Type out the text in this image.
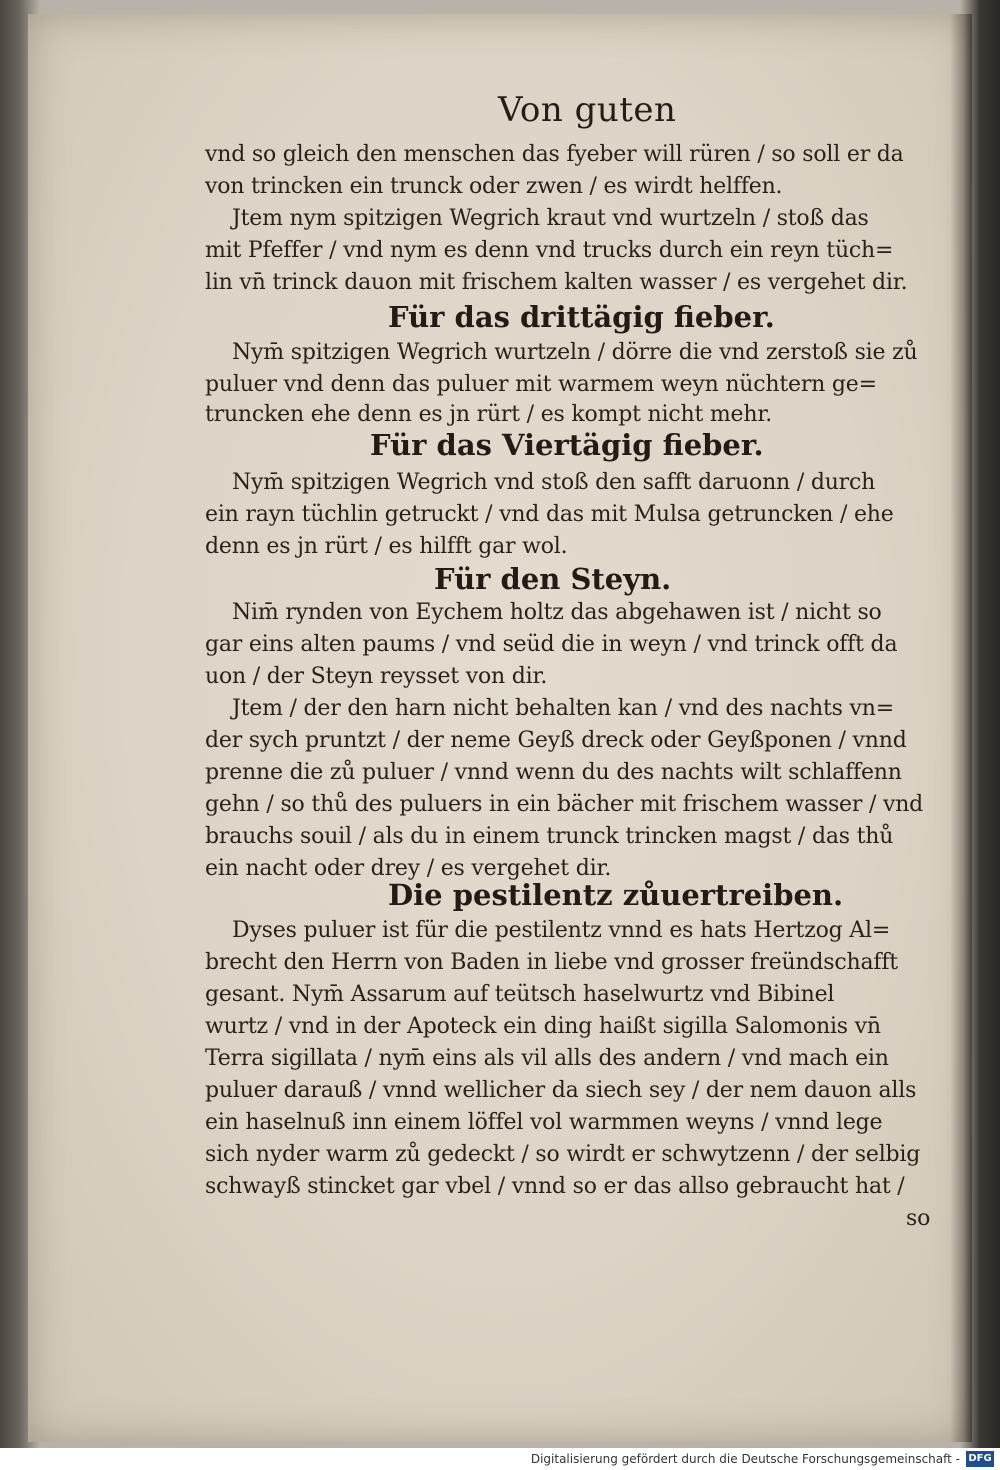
Von guten
vnd so gleich den menschen das fyeber will rüren / so soll er da
von trincken ein trunck oder zwen / es wirdt helffen.
Jtem nym spitzigen Wegrich kraut vnd wurtzeln / stoß das
mit Pfeffer / vnd nym es denn vnd trucks durch ein reyn tüch=
lin vn̄ trinck dauon mit frischem kalten wasser / es vergehet dir.
Für das drittägig fieber.
Nym̄ spitzigen Wegrich wurtzeln / dörre die vnd zerstoß sie zů
puluer vnd denn das puluer mit warmem weyn nüchtern ge=
truncken ehe denn es jn rürt / es kompt nicht mehr.
Für das Viertägig fieber.
Nym̄ spitzigen Wegrich vnd stoß den safft daruonn / durch
ein rayn tüchlin getruckt / vnd das mit Mulsa getruncken / ehe
denn es jn rürt / es hilfft gar wol.
Für den Steyn.
Nim̄ rynden von Eychem holtz das abgehawen ist / nicht so
gar eins alten paums / vnd seüd die in weyn / vnd trinck offt da
uon / der Steyn reysset von dir.
Jtem / der den harn nicht behalten kan / vnd des nachts vn=
der sych pruntzt / der neme Geyß dreck oder Geyßponen / vnnd
prenne die zů puluer / vnnd wenn du des nachts wilt schlaffenn
gehn / so thů des puluers in ein bächer mit frischem wasser / vnd
brauchs souil / als du in einem trunck trincken magst / das thů
ein nacht oder drey / es vergehet dir.
Die pestilentz zůuertreiben.
Dyses puluer ist für die pestilentz vnnd es hats Hertzog Al=
brecht den Herrn von Baden in liebe vnd grosser freündschafft
gesant. Nym̄ Assarum auf teütsch haselwurtz vnd Bibinel
wurtz / vnd in der Apoteck ein ding haißt sigilla Salomonis vn̄
Terra sigillata / nym̄ eins als vil alls des andern / vnd mach ein
puluer darauß / vnnd wellicher da siech sey / der nem dauon alls
ein haselnuß inn einem löffel vol warmmen weyns / vnnd lege
sich nyder warm zů gedeckt / so wirdt er schwytzenn / der selbig
schwayß stincket gar vbel / vnnd so er das allso gebraucht hat /
so
Digitalisierung gefördert durch die Deutsche Forschungsgemeinschaft - DFG
